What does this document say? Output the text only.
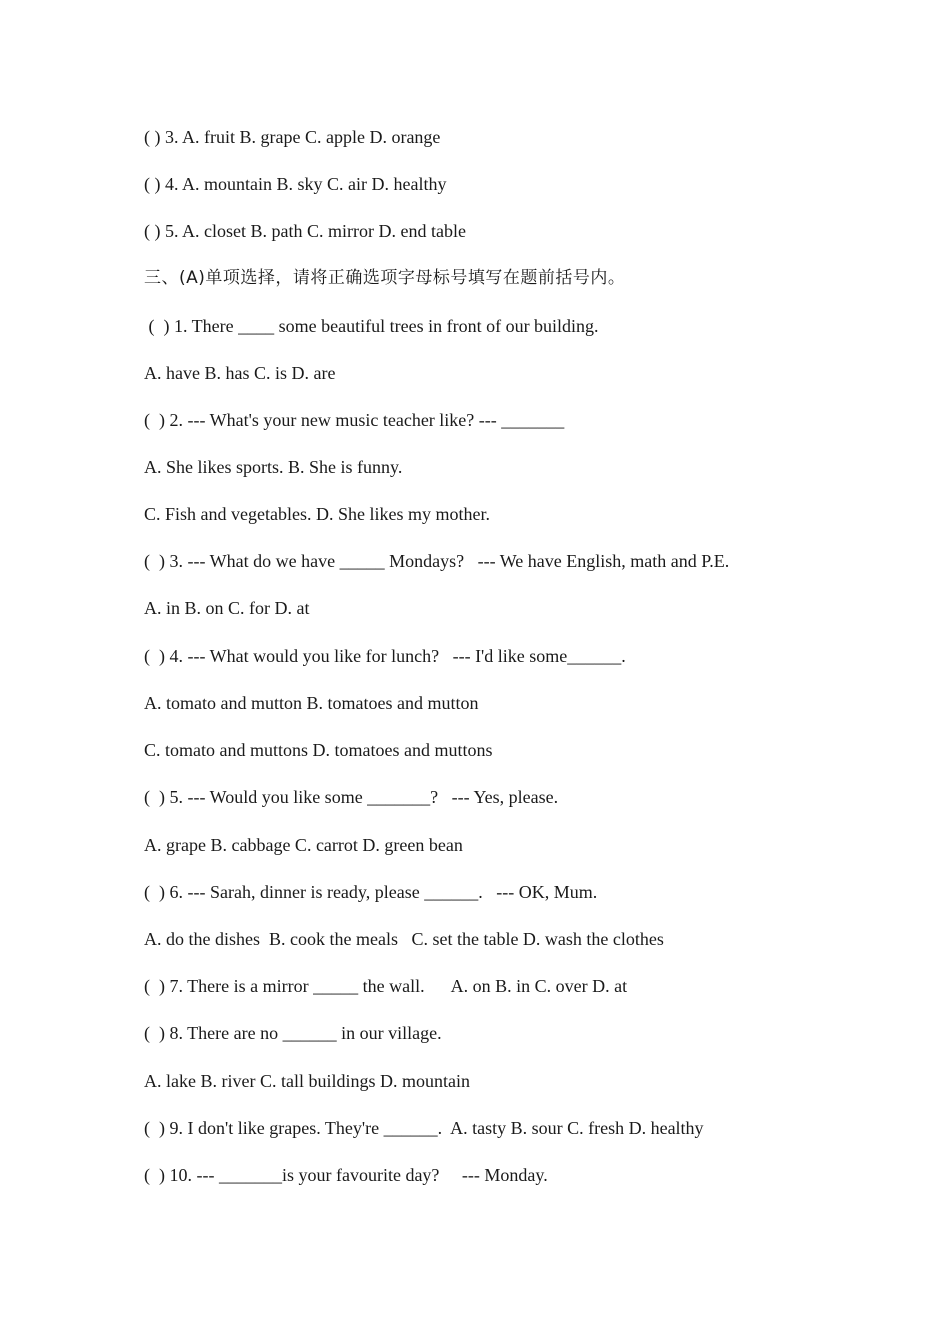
( ) 3. A. fruit B. grape C. apple D. orange
( ) 4. A. mountain B. sky C. air D. healthy
( ) 5. A. closet B. path C. mirror D. end table
三、(A)单项选择，请将正确选项字母标号填写在题前括号内。
(  ) 1. There ____ some beautiful trees in front of our building.
A. have B. has C. is D. are
(  ) 2. --- What's your new music teacher like? --- _______
A. She likes sports. B. She is funny.
C. Fish and vegetables. D. She likes my mother.
(  ) 3. --- What do we have _____ Mondays?   --- We have English, math and P.E.
A. in B. on C. for D. at
(  ) 4. --- What would you like for lunch?   --- I'd like some______.
A. tomato and mutton B. tomatoes and mutton
C. tomato and muttons D. tomatoes and muttons
(  ) 5. --- Would you like some _______?   --- Yes, please.
A. grape B. cabbage C. carrot D. green bean
(  ) 6. --- Sarah, dinner is ready, please ______.   --- OK, Mum.
A. do the dishes  B. cook the meals   C. set the table D. wash the clothes
(  ) 7. There is a mirror _____ the wall.      A. on B. in C. over D. at
(  ) 8. There are no ______ in our village.
A. lake B. river C. tall buildings D. mountain
(  ) 9. I don't like grapes. They're ______.  A. tasty B. sour C. fresh D. healthy
(  ) 10. --- _______is your favourite day?     --- Monday.
